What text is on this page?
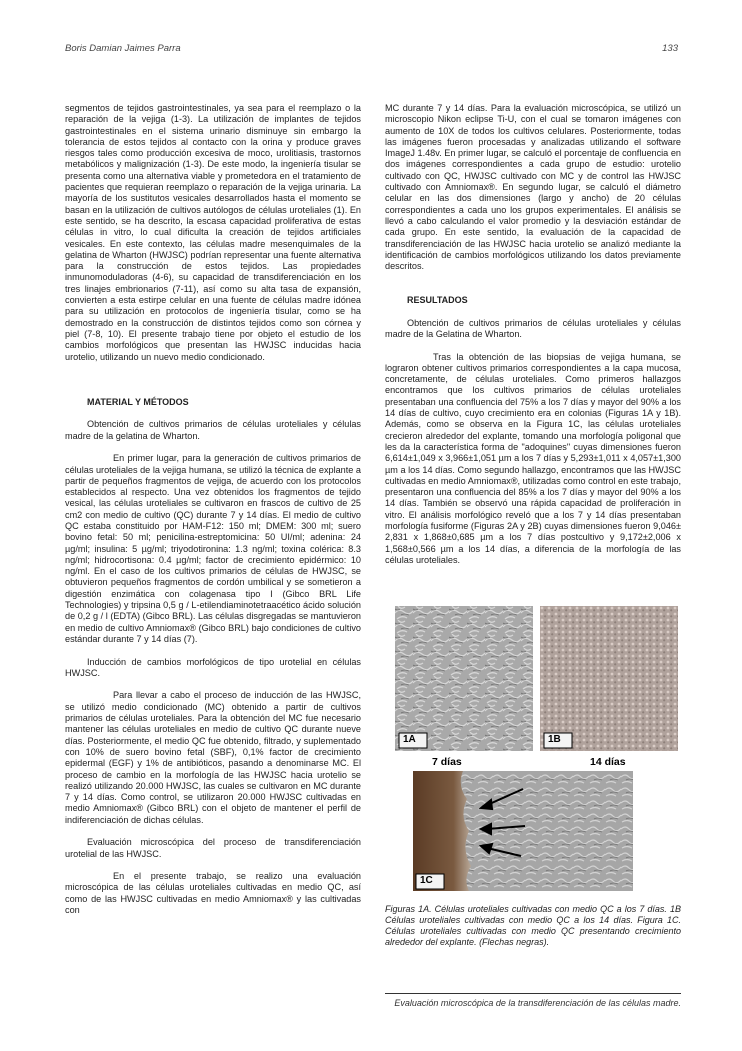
Boris Damian Jaimes Parra	133

segmentos de tejidos gastrointestinales, ya sea para el reemplazo o la reparación de la vejiga (1-3). La utilización de implantes de tejidos gastrointestinales en el sistema urinario disminuye sin embargo la tolerancia de estos tejidos al contacto con la orina y produce graves riesgos tales como producción excesiva de moco, urolitiasis, trastornos metabólicos y malignización (1-3). De este modo, la ingeniería tisular se presenta como una alternativa viable y prometedora en el tratamiento de pacientes que requieran reemplazo o reparación de la vejiga urinaria. La mayoría de los sustitutos vesicales desarrollados hasta el momento se basan en la utilización de cultivos autólogos de células uroteliales (1). En este sentido, se ha descrito, la escasa capacidad proliferativa de estas células in vitro, lo cual dificulta la creación de tejidos artificiales vesicales. En este contexto, las células madre mesenquimales de la gelatina de Wharton (HWJSC) podrían representar una fuente alternativa para la construcción de estos tejidos. Las propiedades inmunomoduladoras (4-6), su capacidad de transdiferenciación en los tres linajes embrionarios (7-11), así como su alta tasa de expansión, convierten a esta estirpe celular en una fuente de células madre idónea para su utilización en protocolos de ingeniería tisular, como se ha demostrado en la construcción de distintos tejidos como son córnea y piel (7-8, 10). El presente trabajo tiene por objeto el estudio de los cambios morfológicos que presentan las HWJSC inducidas hacia urotelio, utilizando un nuevo medio condicionado.

MATERIAL Y MÉTODOS

Obtención de cultivos primarios de células uroteliales y células madre de la gelatina de Wharton.

En primer lugar, para la generación de cultivos primarios de células uroteliales de la vejiga humana, se utilizó la técnica de explante a partir de pequeños fragmentos de vejiga, de acuerdo con los protocolos establecidos al respecto. Una vez obtenidos los fragmentos de tejido vesical, las células uroteliales se cultivaron en frascos de cultivo de 25 cm2 con medio de cultivo (QC) durante 7 y 14 días. El medio de cultivo QC estaba constituido por HAM-F12: 150 ml; DMEM: 300 ml; suero bovino fetal: 50 ml; penicilina-estreptomicina: 50 UI/ml; adenina: 24 µg/ml; insulina: 5 µg/ml; triyodotironina: 1.3 ng/ml; toxina colérica: 8.3 ng/ml; hidrocortisona: 0.4 µg/ml; factor de crecimiento epidérmico: 10 ng/ml. En el caso de los cultivos primarios de células de HWJSC, se obtuvieron pequeños fragmentos de cordón umbilical y se sometieron a digestión enzimática con colagenasa tipo I (Gibco BRL Life Technologies) y tripsina 0,5 g / L-etilendiaminotetraacético ácido solución de 0,2 g / l (EDTA) (Gibco BRL). Las células disgregadas se mantuvieron en medio de cultivo Amniomax® (Gibco BRL) bajo condiciones de cultivo estándar durante 7 y 14 días (7).

Inducción de cambios morfológicos de tipo urotelial en células HWJSC.

Para llevar a cabo el proceso de inducción de las HWJSC, se utilizó medio condicionado (MC) obtenido a partir de cultivos primarios de células uroteliales. Para la obtención del MC fue necesario mantener las células uroteliales en medio de cultivo QC durante nueve días. Posteriormente, el medio QC fue obtenido, filtrado, y suplementado con 10% de suero bovino fetal (SBF), 0,1% factor de crecimiento epidermal (EGF) y 1% de antibióticos, pasando a denominarse MC. El proceso de cambio en la morfología de las HWJSC hacia urotelio se realizó utilizando 20.000 HWJSC, las cuales se cultivaron en MC durante 7 y 14 días. Como control, se utilizaron 20.000 HWJSC cultivadas en medio Amniomax® (Gibco BRL) con el objeto de mantener el perfil de indiferenciación de dichas células.

Evaluación microscópica del proceso de transdiferenciación urotelial de las HWJSC.

En el presente trabajo, se realizo una evaluación microscópica de las células uroteliales cultivadas en medio QC, así como de las HWJSC cultivadas en medio Amniomax® y las cultivadas con

MC durante 7 y 14 días. Para la evaluación microscópica, se utilizó un microscopio Nikon eclipse Ti-U, con el cual se tomaron imágenes con aumento de 10X de todos los cultivos celulares. Posteriormente, todas las imágenes fueron procesadas y analizadas utilizando el software ImageJ 1.48v. En primer lugar, se calculó el porcentaje de confluencia en dos imágenes correspondientes a cada grupo de estudio: urotelio cultivado con QC, HWJSC cultivado con MC y de control las HWJSC cultivado con Amniomax®. En segundo lugar, se calculó el diámetro celular en las dos dimensiones (largo y ancho) de 20 células correspondientes a cada uno los grupos experimentales. El análisis se llevó a cabo calculando el valor promedio y la desviación estándar de cada grupo. En este sentido, la evaluación de la capacidad de transdiferenciación de las HWJSC hacia urotelio se analizó mediante la identificación de cambios morfológicos utilizando los datos previamente descritos.

RESULTADOS

Obtención de cultivos primarios de células uroteliales y células madre de la Gelatina de Wharton.

Tras la obtención de las biopsias de vejiga humana, se lograron obtener cultivos primarios correspondientes a la capa mucosa, concretamente, de células uroteliales. Como primeros hallazgos encontramos que los cultivos primarios de células uroteliales presentaban una confluencia del 75% a los 7 días y mayor del 90% a los 14 días de cultivo, cuyo crecimiento era en colonias (Figuras 1A y 1B). Además, como se observa en la Figura 1C, las células uroteliales crecieron alrededor del explante, tomando una morfología poligonal que les da la característica forma de "adoquines" cuyas dimensiones fueron 6,614±1,049 x 3,966±1,051 µm a los 7 días y 5,293±1,011 x 4,057±1,300 µm a los 14 días. Como segundo hallazgo, encontramos que las HWJSC cultivadas en medio Amniomax®, utilizadas como control en este trabajo, presentaron una confluencia del 85% a los 7 días y mayor del 90% a los 14 días. También se observó una rápida capacidad de proliferación in vitro. El análisis morfológico reveló que a los 7 y 14 días presentaban morfología fusiforme (Figuras 2A y 2B) cuyas dimensiones fueron 9,046± 2,831 x 1,868±0,685 µm a los 7 días postcultivo y 9,172±2,006 x 1,568±0,566 µm a los 14 días, a diferencia de la morfología de las células uroteliales.

1A	1B
7 días	14 días
1C
Figuras 1A. Células uroteliales cultivadas con medio QC a los 7 días. 1B Células uroteliales cultivadas con medio QC a los 14 días. Figura 1C. Células uroteliales cultivadas con medio QC presentando crecimiento alrededor del explante. (Flechas negras).
Evaluación microscópica de la transdiferenciación de las células madre.
